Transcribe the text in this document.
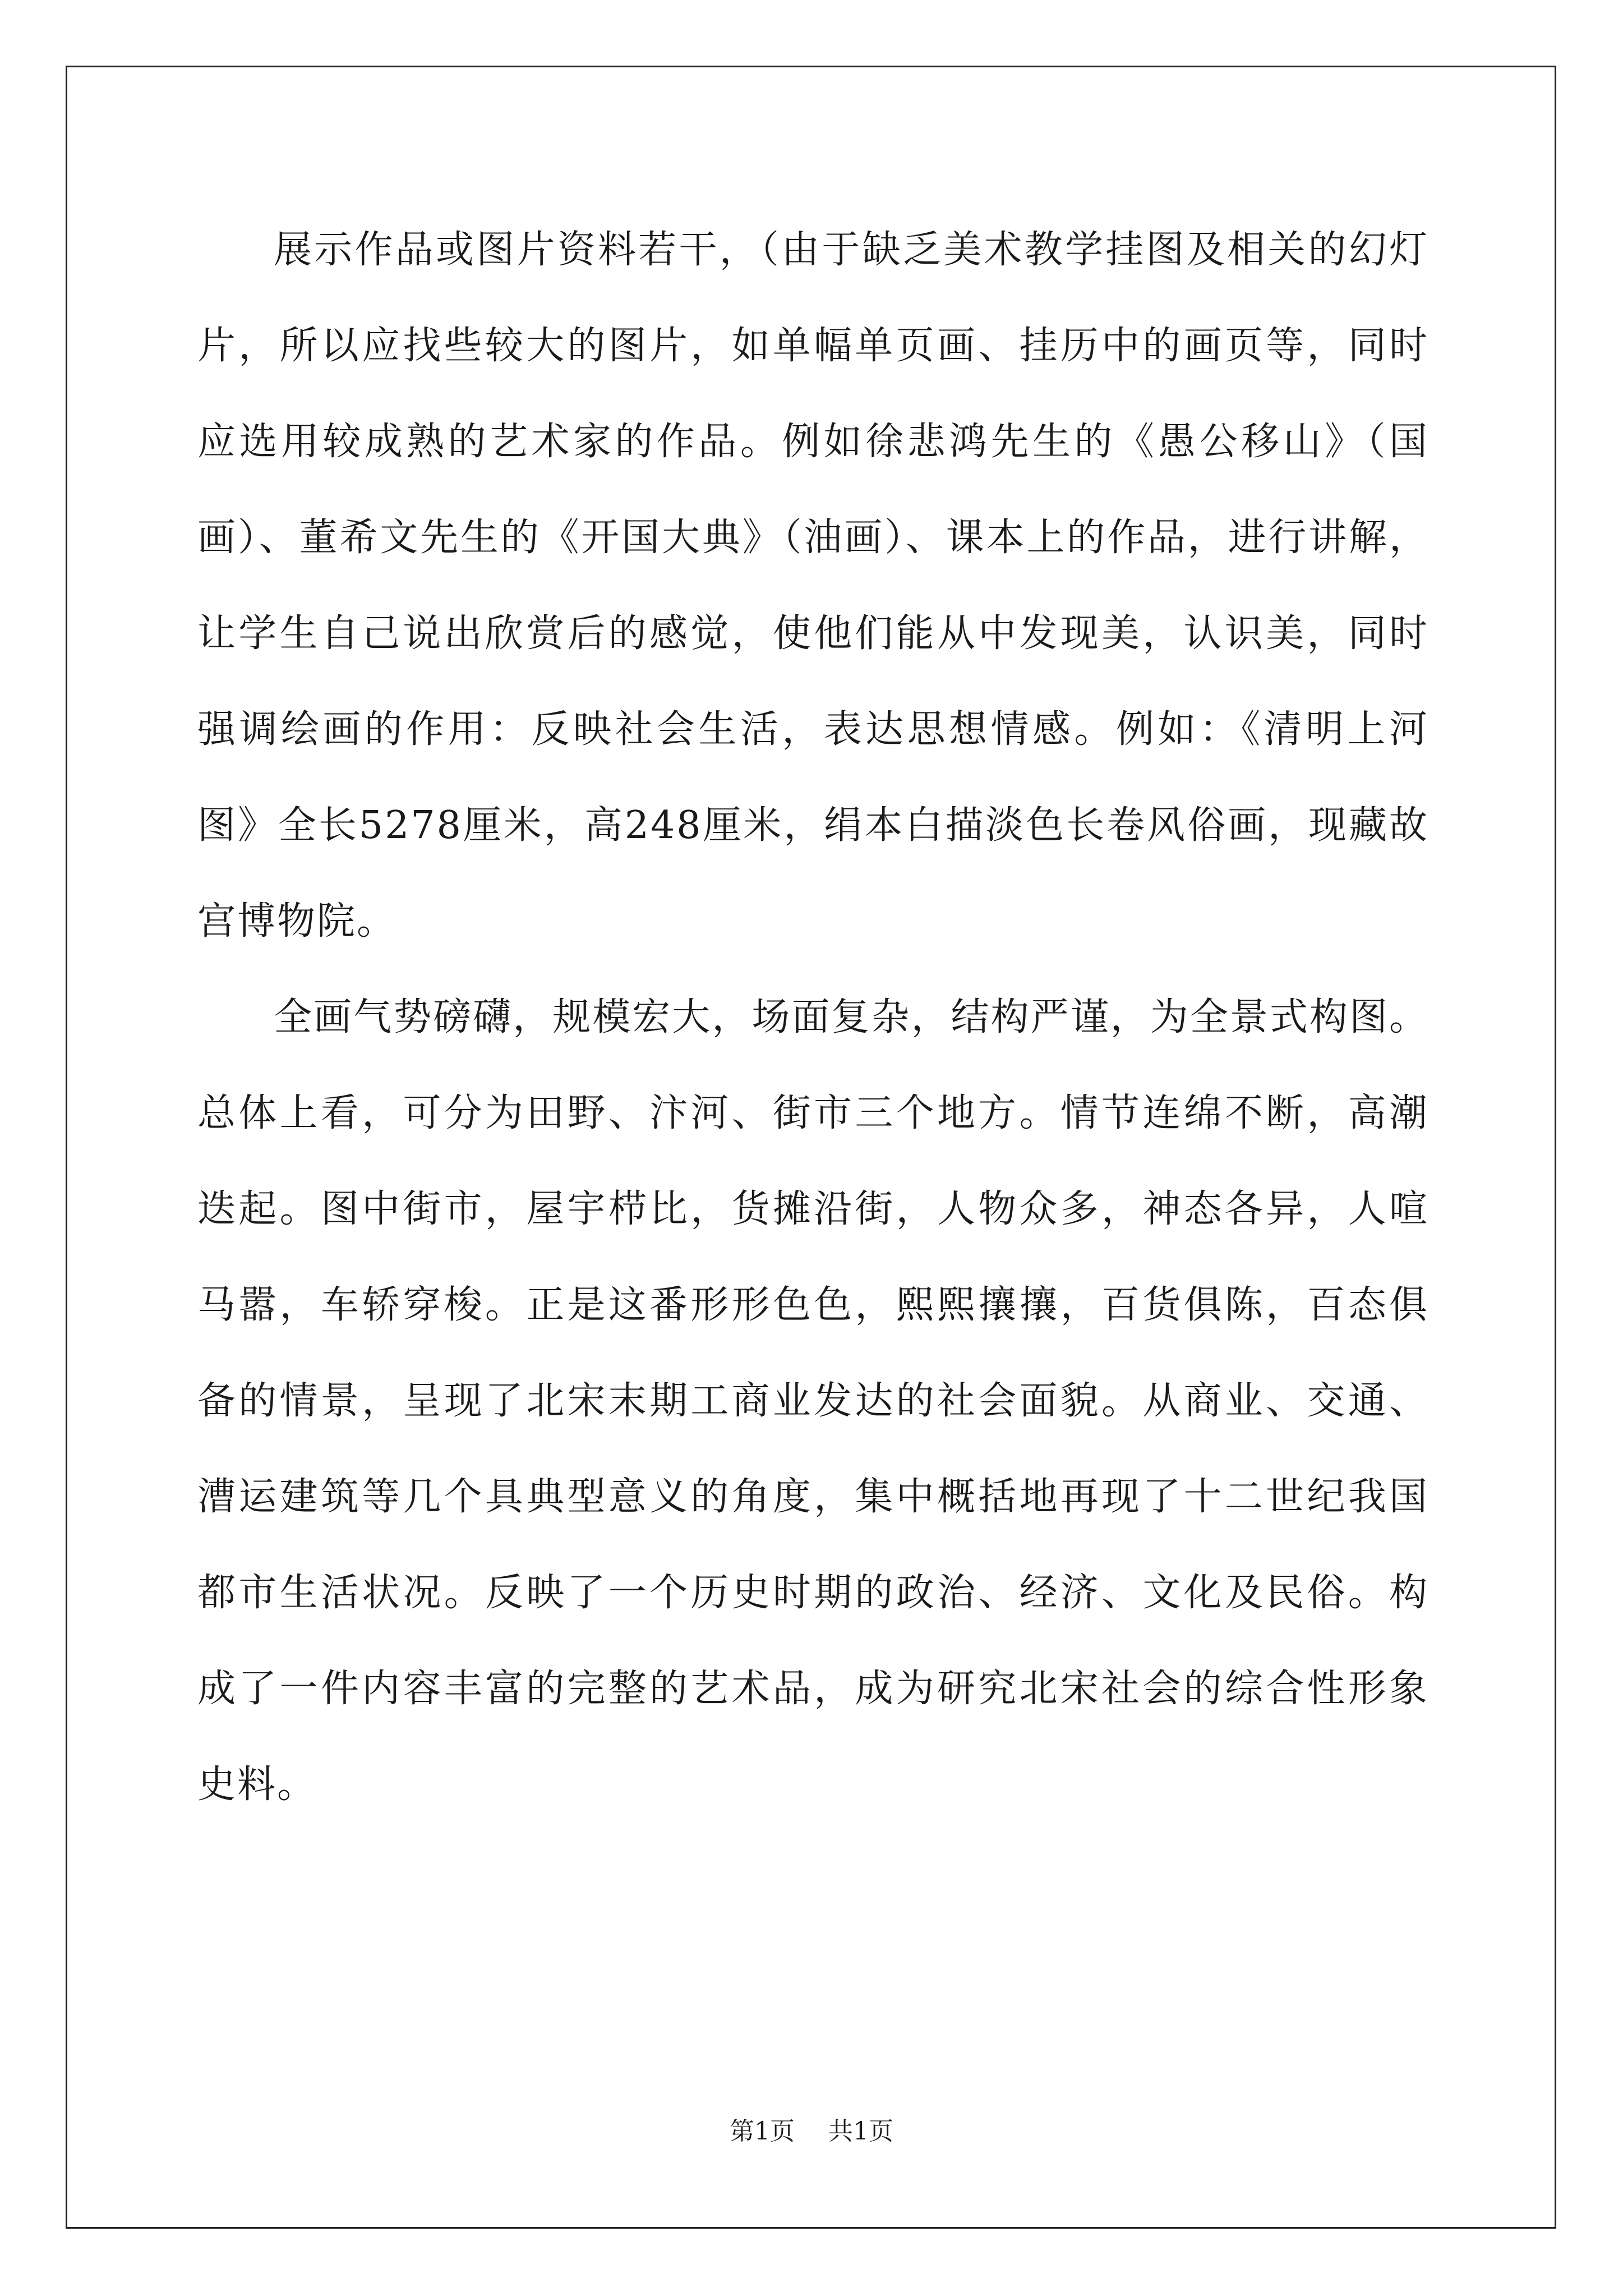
展示作品或图片资料若干，（由于缺乏美术教学挂图及相关的幻灯片，所以应找些较大的图片，如单幅单页画、挂历中的画页等，同时应选用较成熟的艺术家的作品。例如徐悲鸿先生的《愚公移山》（国画）、董希文先生的《开国大典》（油画）、课本上的作品，进行讲解，让学生自己说出欣赏后的感觉，使他们能从中发现美，认识美，同时强调绘画的作用：反映社会生活，表达思想情感。例如：《清明上河图》全长5278厘米，高248厘米，绢本白描淡色长卷风俗画，现藏故宫博物院。

全画气势磅礴，规模宏大，场面复杂，结构严谨，为全景式构图。总体上看，可分为田野、汴河、街市三个地方。情节连绵不断，高潮迭起。图中街市，屋宇栉比，货摊沿街，人物众多，神态各异，人喧马嚣，车轿穿梭。正是这番形形色色，熙熙攘攘，百货俱陈，百态俱备的情景，呈现了北宋末期工商业发达的社会面貌。从商业、交通、漕运建筑等几个具典型意义的角度，集中概括地再现了十二世纪我国都市生活状况。反映了一个历史时期的政治、经济、文化及民俗。构成了一件内容丰富的完整的艺术品，成为研究北宋社会的综合性形象史料。

第1页 共1页
